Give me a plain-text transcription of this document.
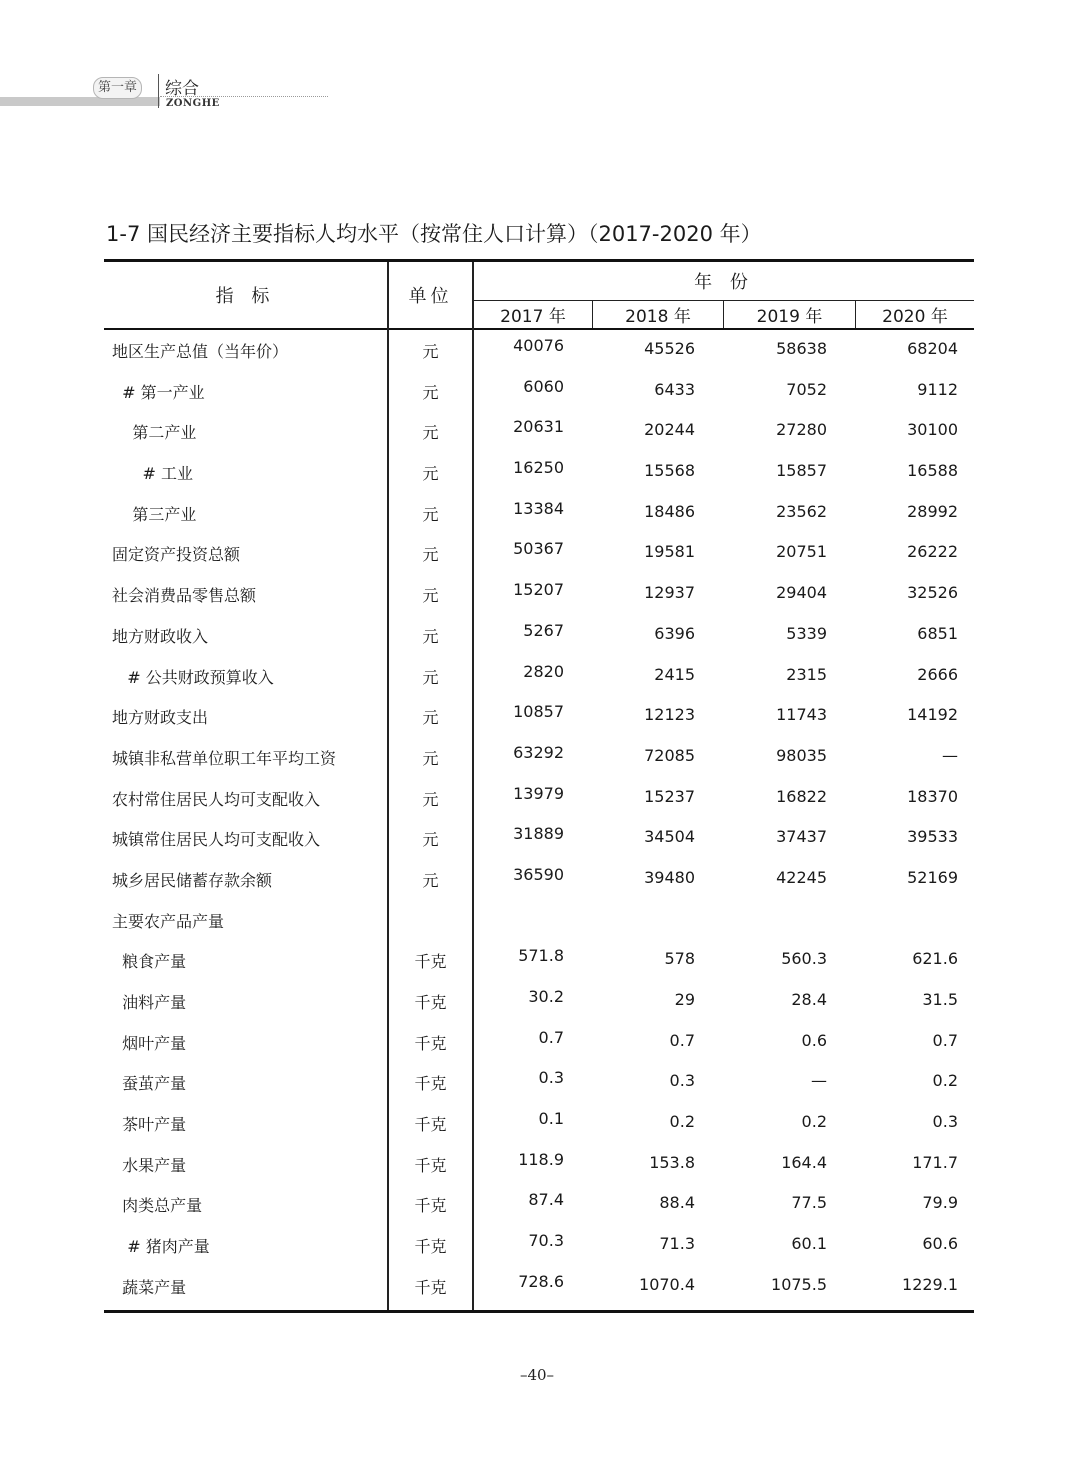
第一章 综合
ZONGHE
1-7 国民经济主要指标人均水平（按常住人口计算）（2017-2020 年）
指 标	单位
年 份
2017 年	2018 年	2019 年	2020 年
地区生产总值（当年价）	元	40076	45526	58638	68204
# 第一产业	元	6060	6433	7052	9112
第二产业	元	20631	20244	27280	30100
# 工业	元	16250	15568	15857	16588
第三产业	元	13384	18486	23562	28992
固定资产投资总额	元	50367	19581	20751	26222
社会消费品零售总额	元	15207	12937	29404	32526
地方财政收入	元	5267	6396	5339	6851
# 公共财政预算收入	元	2820	2415	2315	2666
地方财政支出	元	10857	12123	11743	14192
城镇非私营单位职工年平均工资	元	63292	72085	98035	—
农村常住居民人均可支配收入	元	13979	15237	16822	18370
城镇常住居民人均可支配收入	元	31889	34504	37437	39533
城乡居民储蓄存款余额	元	36590	39480	42245	52169
主要农产品产量
粮食产量	千克	571.8	578	560.3	621.6
油料产量	千克	30.2	29	28.4	31.5
烟叶产量	千克	0.7	0.7	0.6	0.7
蚕茧产量	千克	0.3	0.3	—	0.2
茶叶产量	千克	0.1	0.2	0.2	0.3
水果产量	千克	118.9	153.8	164.4	171.7
肉类总产量	千克	87.4	88.4	77.5	79.9
# 猪肉产量	千克	70.3	71.3	60.1	60.6
蔬菜产量	千克	728.6	1070.4	1075.5	1229.1
–40–
